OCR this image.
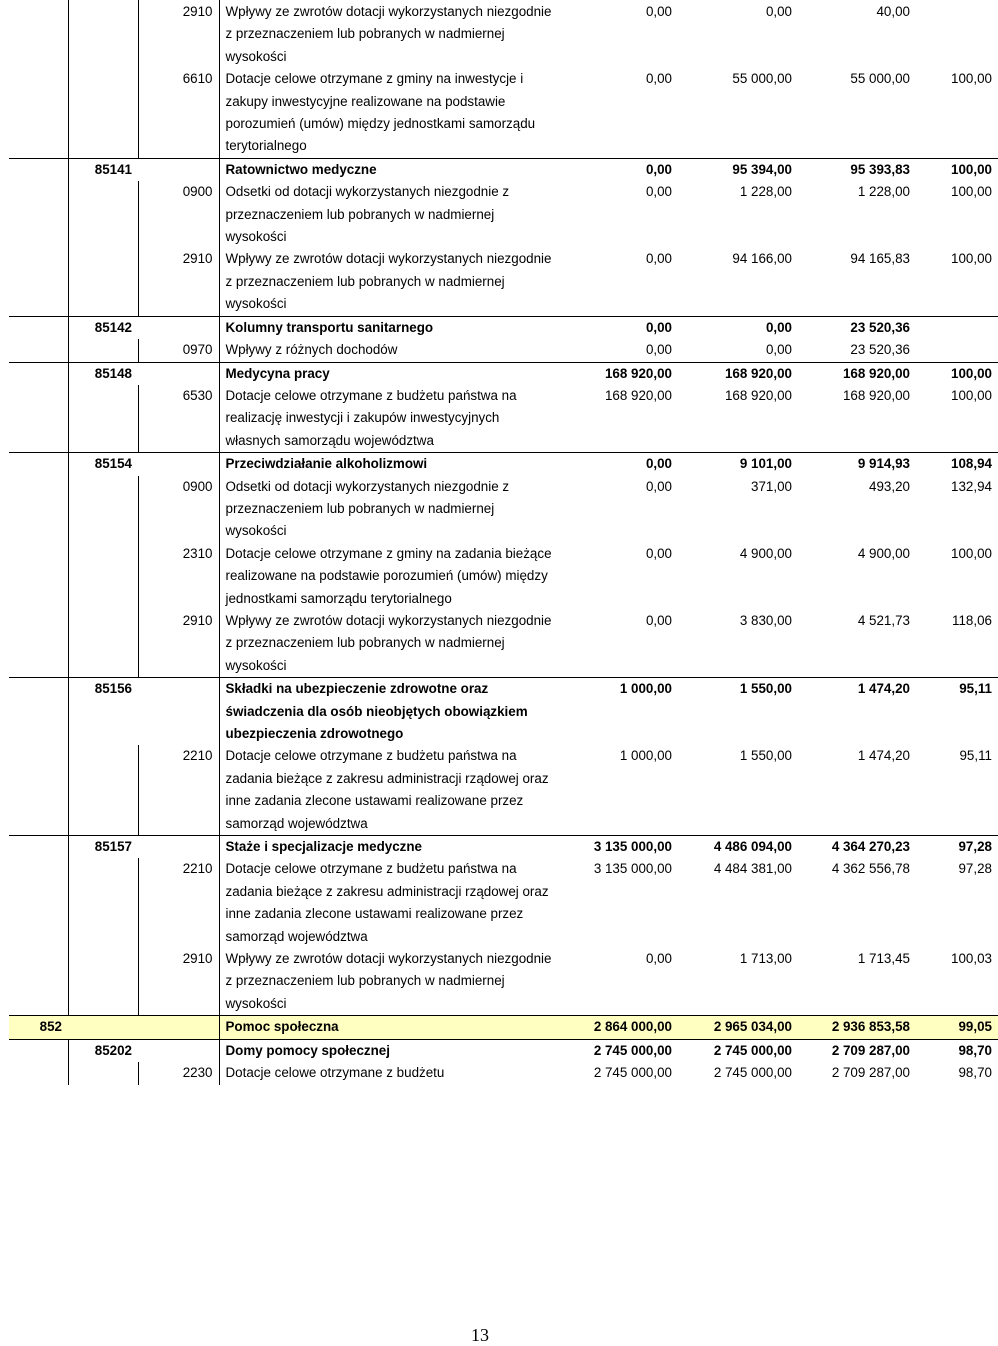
		2910	Wpływy ze zwrotów dotacji wykorzystanych niezgodnie z przeznaczeniem lub pobranych w nadmiernej wysokości	0,00	0,00	40,00	
		6610	Dotacje celowe otrzymane z gminy na inwestycje i zakupy inwestycyjne realizowane na podstawie porozumień (umów) między jednostkami samorządu terytorialnego	0,00	55 000,00	55 000,00	100,00
	85141		Ratownictwo medyczne	0,00	95 394,00	95 393,83	100,00
		0900	Odsetki od dotacji wykorzystanych niezgodnie z przeznaczeniem lub pobranych w nadmiernej wysokości	0,00	1 228,00	1 228,00	100,00
		2910	Wpływy ze zwrotów dotacji wykorzystanych niezgodnie z przeznaczeniem lub pobranych w nadmiernej wysokości	0,00	94 166,00	94 165,83	100,00
	85142		Kolumny transportu sanitarnego	0,00	0,00	23 520,36	
		0970	Wpływy z różnych dochodów	0,00	0,00	23 520,36	
	85148		Medycyna pracy	168 920,00	168 920,00	168 920,00	100,00
		6530	Dotacje celowe otrzymane z budżetu państwa na realizację inwestycji i zakupów inwestycyjnych własnych samorządu województwa	168 920,00	168 920,00	168 920,00	100,00
	85154		Przeciwdziałanie alkoholizmowi	0,00	9 101,00	9 914,93	108,94
		0900	Odsetki od dotacji wykorzystanych niezgodnie z przeznaczeniem lub pobranych w nadmiernej wysokości	0,00	371,00	493,20	132,94
		2310	Dotacje celowe otrzymane z gminy na zadania bieżące realizowane na podstawie porozumień (umów) między jednostkami samorządu terytorialnego	0,00	4 900,00	4 900,00	100,00
		2910	Wpływy ze zwrotów dotacji wykorzystanych niezgodnie z przeznaczeniem lub pobranych w nadmiernej wysokości	0,00	3 830,00	4 521,73	118,06
	85156		Składki na ubezpieczenie zdrowotne oraz świadczenia dla osób nieobjętych obowiązkiem ubezpieczenia zdrowotnego	1 000,00	1 550,00	1 474,20	95,11
		2210	Dotacje celowe otrzymane z budżetu państwa na zadania bieżące z zakresu administracji rządowej oraz inne zadania zlecone ustawami realizowane przez samorząd województwa	1 000,00	1 550,00	1 474,20	95,11
	85157		Staże i specjalizacje medyczne	3 135 000,00	4 486 094,00	4 364 270,23	97,28
		2210	Dotacje celowe otrzymane z budżetu państwa na zadania bieżące z zakresu administracji rządowej oraz inne zadania zlecone ustawami realizowane przez samorząd województwa	3 135 000,00	4 484 381,00	4 362 556,78	97,28
		2910	Wpływy ze zwrotów dotacji wykorzystanych niezgodnie z przeznaczeniem lub pobranych w nadmiernej wysokości	0,00	1 713,00	1 713,45	100,03
852			Pomoc społeczna	2 864 000,00	2 965 034,00	2 936 853,58	99,05
	85202		Domy pomocy społecznej	2 745 000,00	2 745 000,00	2 709 287,00	98,70
		2230	Dotacje celowe otrzymane z budżetu	2 745 000,00	2 745 000,00	2 709 287,00	98,70
13
